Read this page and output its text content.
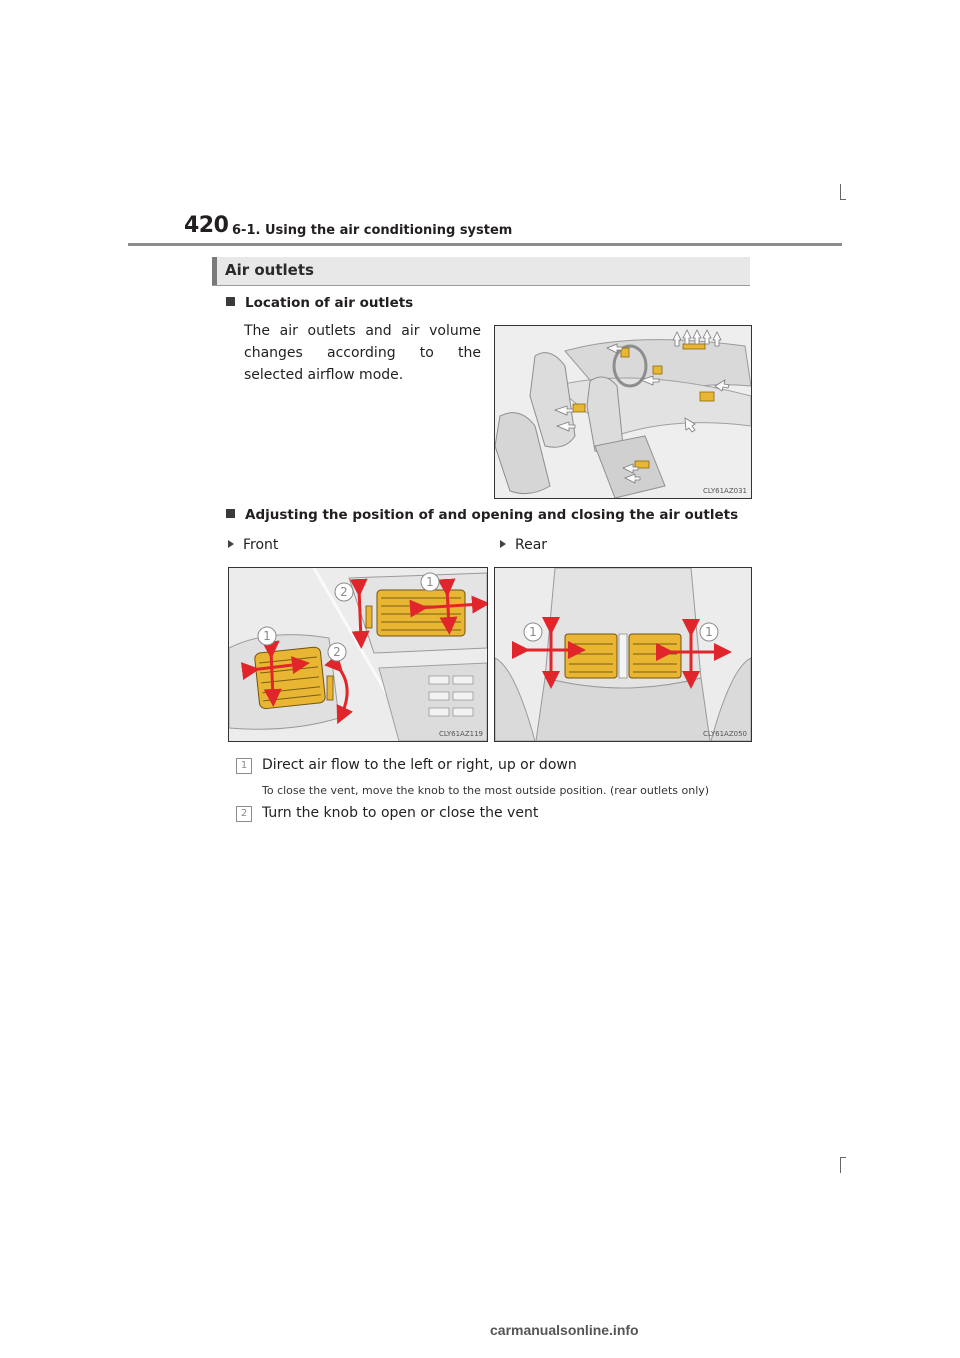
420 6-1. Using the air conditioning system
Air outlets
Location of air outlets
The air outlets and air volume changes according to the selected airflow mode.
CLY61AZ031
Adjusting the position of and opening and closing the air outlets
Front	Rear
2
1
1
2
CLY61AZ119
1	1
CLY61AZ050
1	Direct air flow to the left or right, up or down
To close the vent, move the knob to the most outside position. (rear outlets only)
2	Turn the knob to open or close the vent
carmanualsonline.info
